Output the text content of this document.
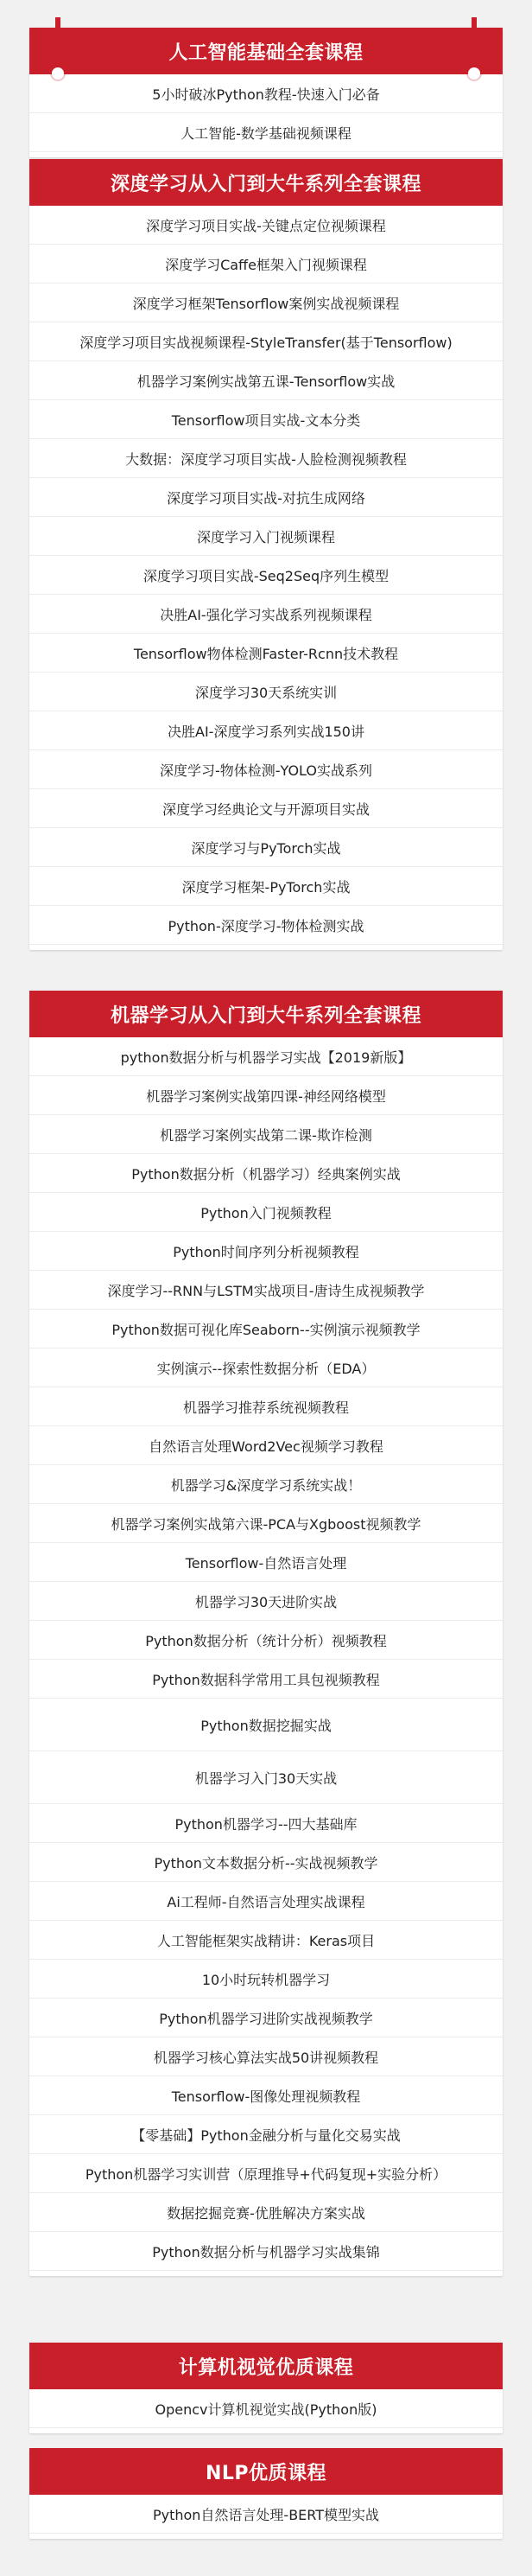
人工智能基础全套课程
5小时破冰Python教程-快速入门必备
人工智能-数学基础视频课程
深度学习从入门到大牛系列全套课程
深度学习项目实战-关键点定位视频课程
深度学习Caffe框架入门视频课程
深度学习框架Tensorflow案例实战视频课程
深度学习项目实战视频课程-StyleTransfer(基于Tensorflow)
机器学习案例实战第五课-Tensorflow实战
Tensorflow项目实战-文本分类
大数据：深度学习项目实战-人脸检测视频教程
深度学习项目实战-对抗生成网络
深度学习入门视频课程
深度学习项目实战-Seq2Seq序列生模型
决胜AI-强化学习实战系列视频课程
Tensorflow物体检测Faster-Rcnn技术教程
深度学习30天系统实训
决胜AI-深度学习系列实战150讲
深度学习-物体检测-YOLO实战系列
深度学习经典论文与开源项目实战
深度学习与PyTorch实战
深度学习框架-PyTorch实战
Python-深度学习-物体检测实战
机器学习从入门到大牛系列全套课程
python数据分析与机器学习实战【2019新版】
机器学习案例实战第四课-神经网络模型
机器学习案例实战第二课-欺诈检测
Python数据分析（机器学习）经典案例实战
Python入门视频教程
Python时间序列分析视频教程
深度学习--RNN与LSTM实战项目-唐诗生成视频教学
Python数据可视化库Seaborn--实例演示视频教学
实例演示--探索性数据分析（EDA）
机器学习推荐系统视频教程
自然语言处理Word2Vec视频学习教程
机器学习&深度学习系统实战！
机器学习案例实战第六课-PCA与Xgboost视频教学
Tensorflow-自然语言处理
机器学习30天进阶实战
Python数据分析（统计分析）视频教程
Python数据科学常用工具包视频教程
Python数据挖掘实战
机器学习入门30天实战
Python机器学习--四大基础库
Python文本数据分析--实战视频教学
Ai工程师-自然语言处理实战课程
人工智能框架实战精讲：Keras项目
10小时玩转机器学习
Python机器学习进阶实战视频教学
机器学习核心算法实战50讲视频教程
Tensorflow-图像处理视频教程
【零基础】Python金融分析与量化交易实战
Python机器学习实训营（原理推导+代码复现+实验分析）
数据挖掘竞赛-优胜解决方案实战
Python数据分析与机器学习实战集锦
计算机视觉优质课程
Opencv计算机视觉实战(Python版)
NLP优质课程
Python自然语言处理-BERT模型实战
